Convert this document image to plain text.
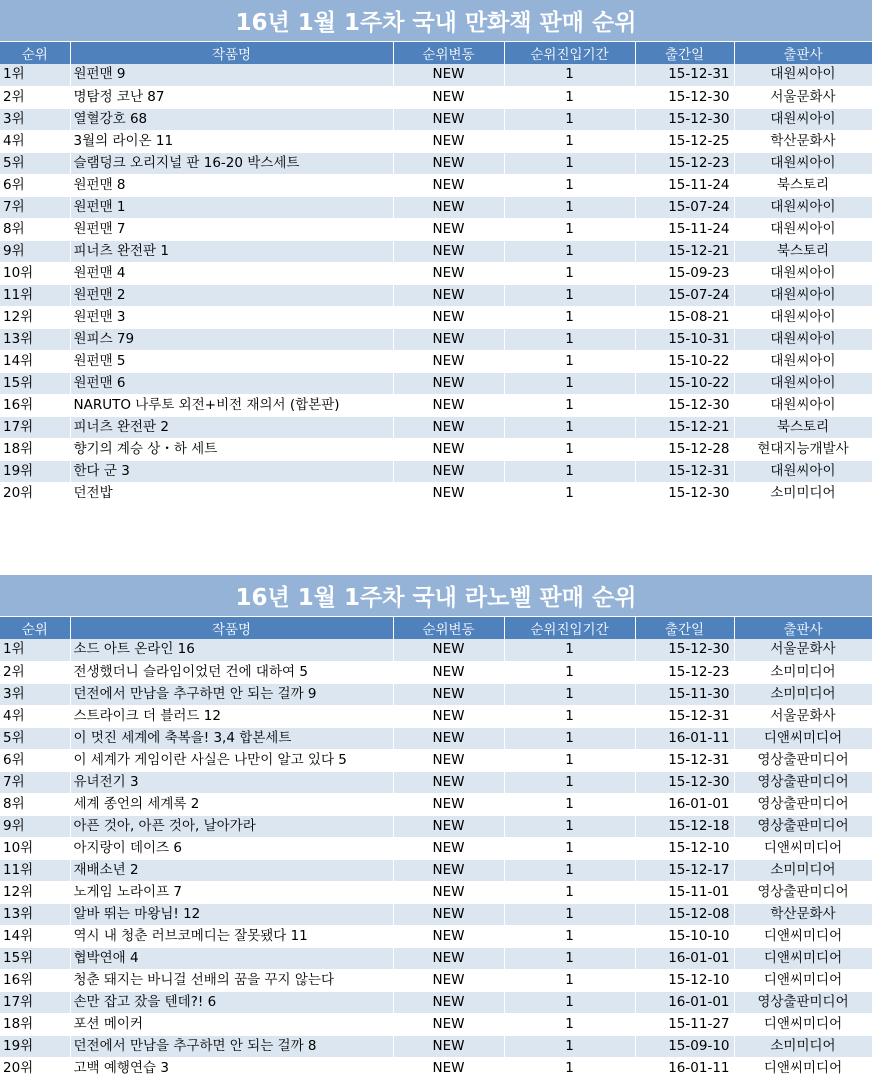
16년 1월 1주차 국내 만화책 판매 순위
순위	작품명	순위변동	순위진입기간	출간일	출판사
1위	원펀맨 9	NEW	1	15-12-31	대원씨아이
2위	명탐정 코난 87	NEW	1	15-12-30	서울문화사
3위	열혈강호 68	NEW	1	15-12-30	대원씨아이
4위	3월의 라이온 11	NEW	1	15-12-25	학산문화사
5위	슬램덩크 오리지널 판 16-20 박스세트	NEW	1	15-12-23	대원씨아이
6위	원펀맨 8	NEW	1	15-11-24	북스토리
7위	원펀맨 1	NEW	1	15-07-24	대원씨아이
8위	원펀맨 7	NEW	1	15-11-24	대원씨아이
9위	피너츠 완전판 1	NEW	1	15-12-21	북스토리
10위	원펀맨 4	NEW	1	15-09-23	대원씨아이
11위	원펀맨 2	NEW	1	15-07-24	대원씨아이
12위	원펀맨 3	NEW	1	15-08-21	대원씨아이
13위	원피스 79	NEW	1	15-10-31	대원씨아이
14위	원펀맨 5	NEW	1	15-10-22	대원씨아이
15위	원펀맨 6	NEW	1	15-10-22	대원씨아이
16위	NARUTO 나루토 외전+비전 재의서 (합본판)	NEW	1	15-12-30	대원씨아이
17위	피너츠 완전판 2	NEW	1	15-12-21	북스토리
18위	향기의 계승 상・하 세트	NEW	1	15-12-28	현대지능개발사
19위	한다 군 3	NEW	1	15-12-31	대원씨아이
20위	던전밥	NEW	1	15-12-30	소미미디어
16년 1월 1주차 국내 라노벨 판매 순위
순위	작품명	순위변동	순위진입기간	출간일	출판사
1위	소드 아트 온라인 16	NEW	1	15-12-30	서울문화사
2위	전생했더니 슬라임이었던 건에 대하여 5	NEW	1	15-12-23	소미미디어
3위	던전에서 만남을 추구하면 안 되는 걸까 9	NEW	1	15-11-30	소미미디어
4위	스트라이크 더 블러드 12	NEW	1	15-12-31	서울문화사
5위	이 멋진 세계에 축복을! 3,4 합본세트	NEW	1	16-01-11	디앤씨미디어
6위	이 세계가 게임이란 사실은 나만이 알고 있다 5	NEW	1	15-12-31	영상출판미디어
7위	유녀전기 3	NEW	1	15-12-30	영상출판미디어
8위	세계 종언의 세계록 2	NEW	1	16-01-01	영상출판미디어
9위	아픈 것아, 아픈 것아, 날아가라	NEW	1	15-12-18	영상출판미디어
10위	아지랑이 데이즈 6	NEW	1	15-12-10	디앤씨미디어
11위	재배소년 2	NEW	1	15-12-17	소미미디어
12위	노게임 노라이프 7	NEW	1	15-11-01	영상출판미디어
13위	알바 뛰는 마왕님! 12	NEW	1	15-12-08	학산문화사
14위	역시 내 청춘 러브코메디는 잘못됐다 11	NEW	1	15-10-10	디앤씨미디어
15위	협박연애 4	NEW	1	16-01-01	디앤씨미디어
16위	청춘 돼지는 바니걸 선배의 꿈을 꾸지 않는다	NEW	1	15-12-10	디앤씨미디어
17위	손만 잡고 잤을 텐데?! 6	NEW	1	16-01-01	영상출판미디어
18위	포션 메이커	NEW	1	15-11-27	디앤씨미디어
19위	던전에서 만남을 추구하면 안 되는 걸까 8	NEW	1	15-09-10	소미미디어
20위	고백 예행연습 3	NEW	1	16-01-11	디앤씨미디어
